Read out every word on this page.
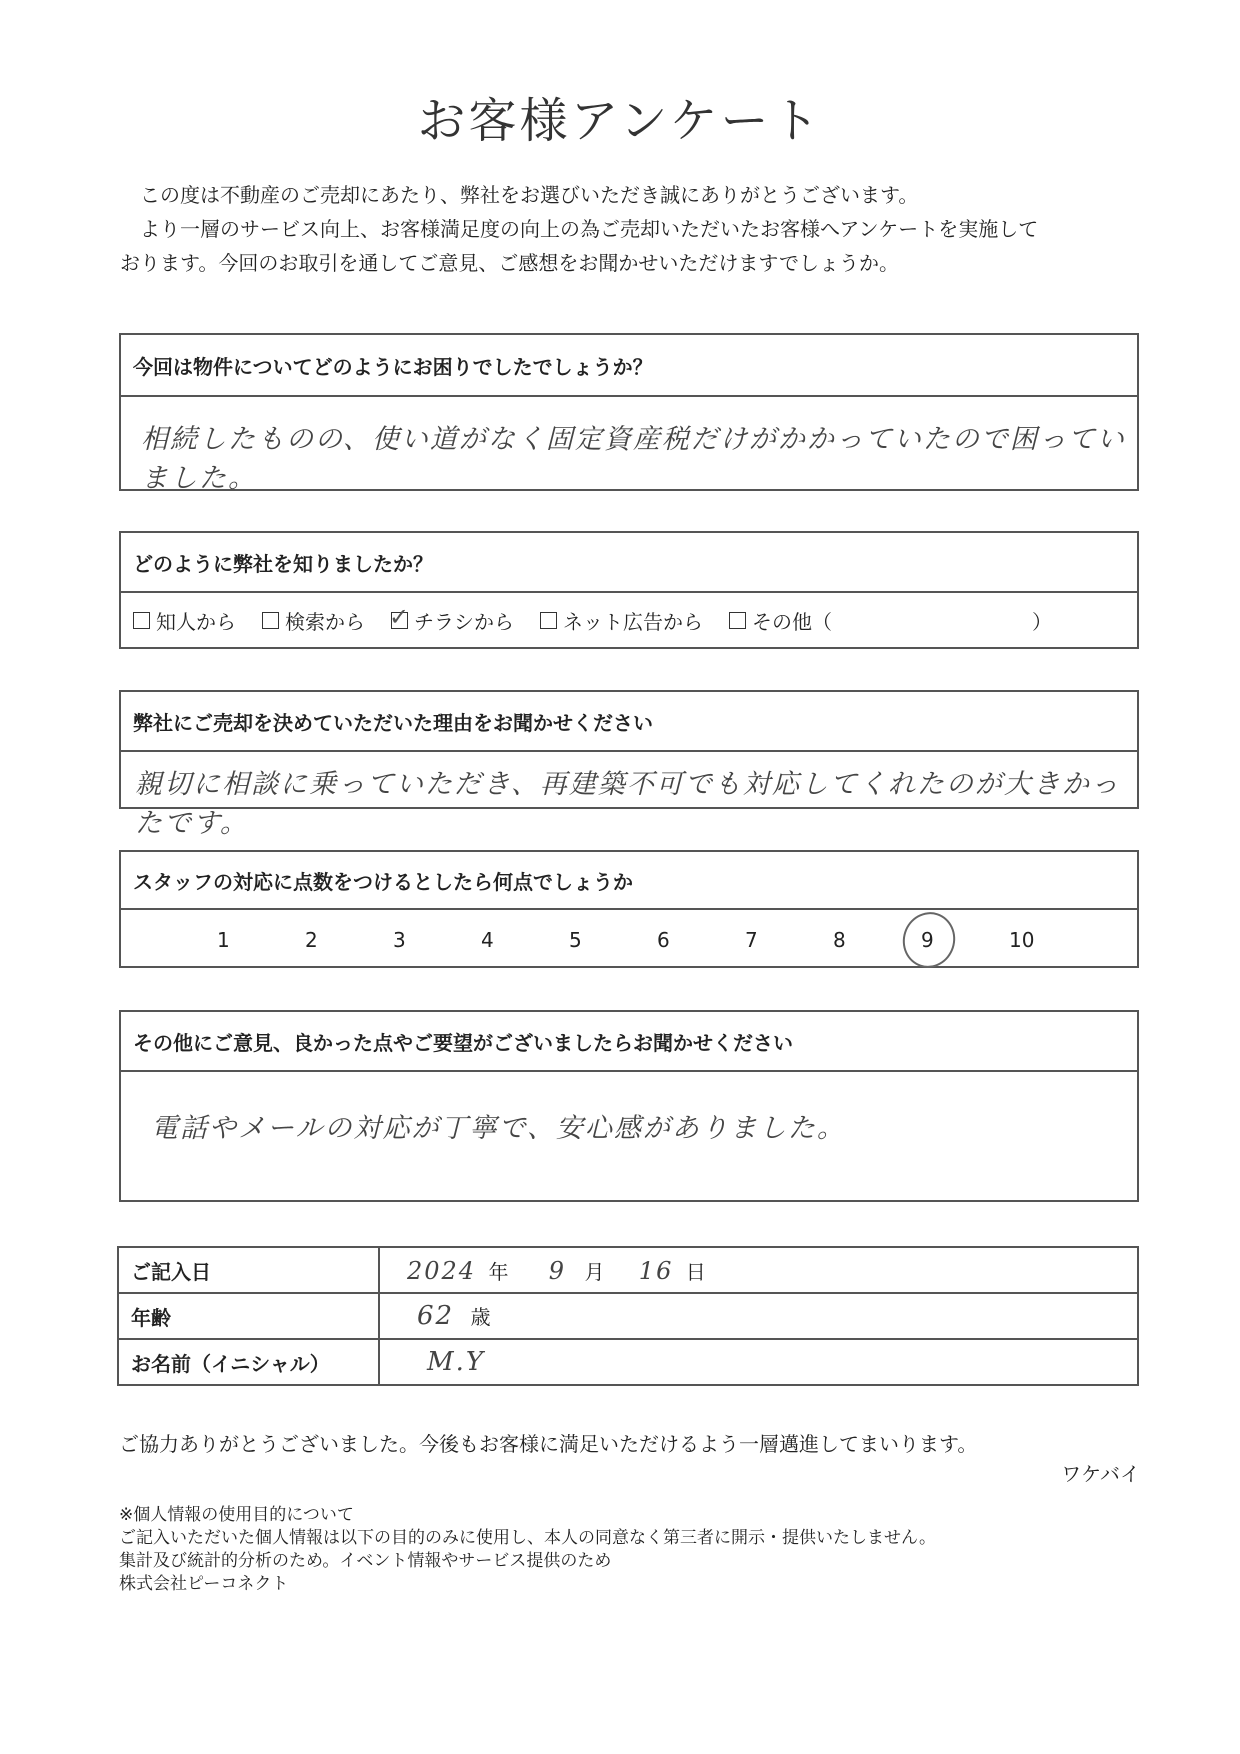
お客様アンケート
この度は不動産のご売却にあたり、弊社をお選びいただき誠にありがとうございます。
より一層のサービス向上、お客様満足度の向上の為ご売却いただいたお客様へアンケートを実施して
おります。今回のお取引を通してご意見、ご感想をお聞かせいただけますでしょうか。
今回は物件についてどのようにお困りでしたでしょうか？
相続したものの、使い道がなく固定資産税だけがかかっていたので困っていました。
どのように弊社を知りましたか？
知人から 検索から ✓ チラシから ネット広告から その他（	）
弊社にご売却を決めていただいた理由をお聞かせください
親切に相談に乗っていただき、再建築不可でも対応してくれたのが大きかったです。
スタッフの対応に点数をつけるとしたら何点でしょうか
1	2	3	4	5	6	7	8	9	10
その他にご意見、良かった点やご要望がございましたらお聞かせください
電話やメールの対応が丁寧で、安心感がありました。
ご記入日	2024 年 9 月 16 日
年齢	62 歳
お名前（イニシャル）	M.Y
ご協力ありがとうございました。今後もお客様に満足いただけるよう一層邁進してまいります。
ワケバイ
※個人情報の使用目的について
ご記入いただいた個人情報は以下の目的のみに使用し、本人の同意なく第三者に開示・提供いたしません。
集計及び統計的分析のため。イベント情報やサービス提供のため
株式会社ピーコネクト
